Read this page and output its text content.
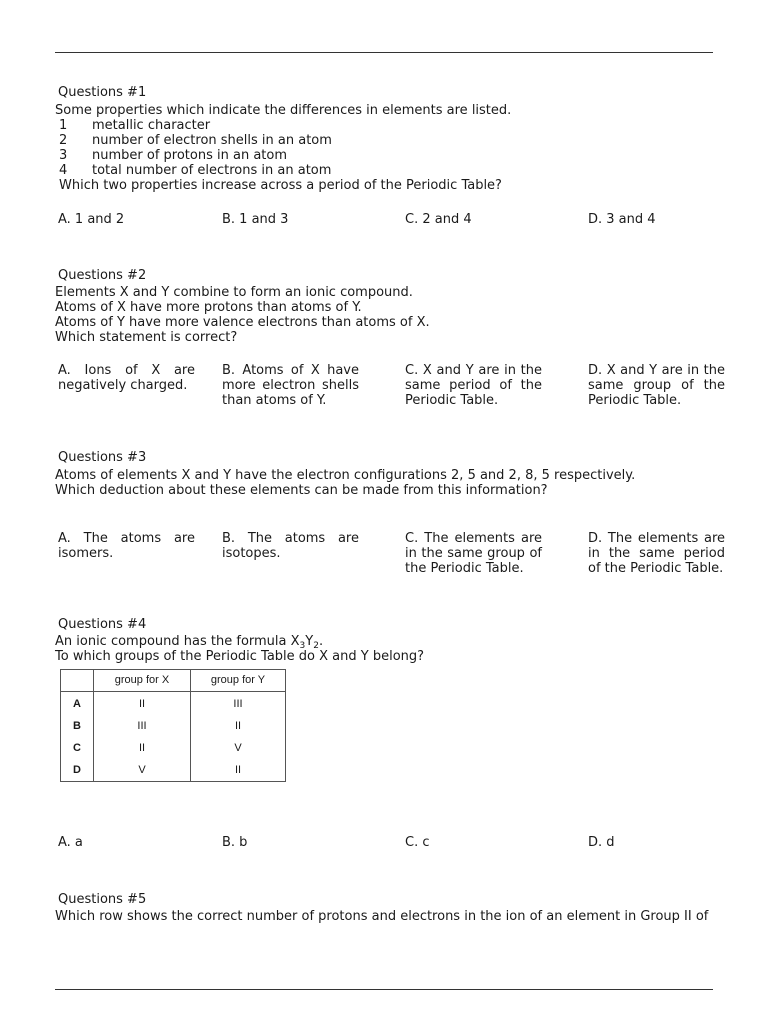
Questions #1
Some properties which indicate the differences in elements are listed.
1	metallic character
2	number of electron shells in an atom
3	number of protons in an atom
4	total number of electrons in an atom
Which two properties increase across a period of the Periodic Table?
A. 1 and 2	B. 1 and 3	C. 2 and 4	D. 3 and 4
Questions #2
Elements X and Y combine to form an ionic compound.
Atoms of X have more protons than atoms of Y.
Atoms of Y have more valence electrons than atoms of X.
Which statement is correct?
A. Ions of X are negatively charged.
B. Atoms of X have more electron shells than atoms of Y.
C. X and Y are in the same period of the Periodic Table.
D. X and Y are in the same group of the Periodic Table.
Questions #3
Atoms of elements X and Y have the electron configurations 2, 5 and 2, 8, 5 respectively.
Which deduction about these elements can be made from this information?
A. The atoms are isomers.
B. The atoms are isotopes.
C. The elements are in the same group of the Periodic Table.
D. The elements are in the same period of the Periodic Table.
Questions #4
An ionic compound has the formula $X_3Y_2$.
To which groups of the Periodic Table do X and Y belong?
	group for X	group for Y
A	II	III
B	III	II
C	II	V
D	V	II
A. a	B. b	C. c	D. d
Questions #5
Which row shows the correct number of protons and electrons in the ion of an element in Group II of
